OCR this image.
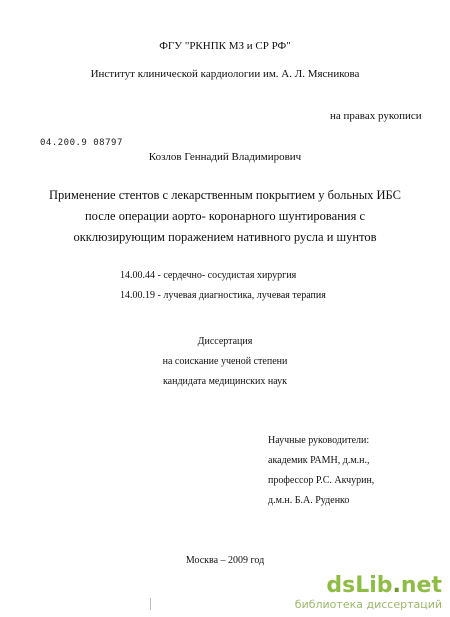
ФГУ "РКНПК МЗ и СР РФ"
Институт клинической кардиологии им. А. Л. Мясникова
на правах рукописи
04.200.9 08797
Козлов Геннадий Владимирович
Применение стентов с лекарственным покрытием у больных ИБС
после операции аорто- коронарного шунтирования с
окклюзирующим поражением нативного русла и шунтов
14.00.44 - сердечно- сосудистая хирургия
14.00.19 - лучевая диагностика, лучевая терапия
Диссертация
на соискание ученой степени
кандидата медицинских наук
Научные руководители:
академик РАМН, д.м.н.,
профессор Р.С. Акчурин,
д.м.н. Б.А. Руденко
Москва – 2009 год
dsLib.net
библиотека диссертаций
